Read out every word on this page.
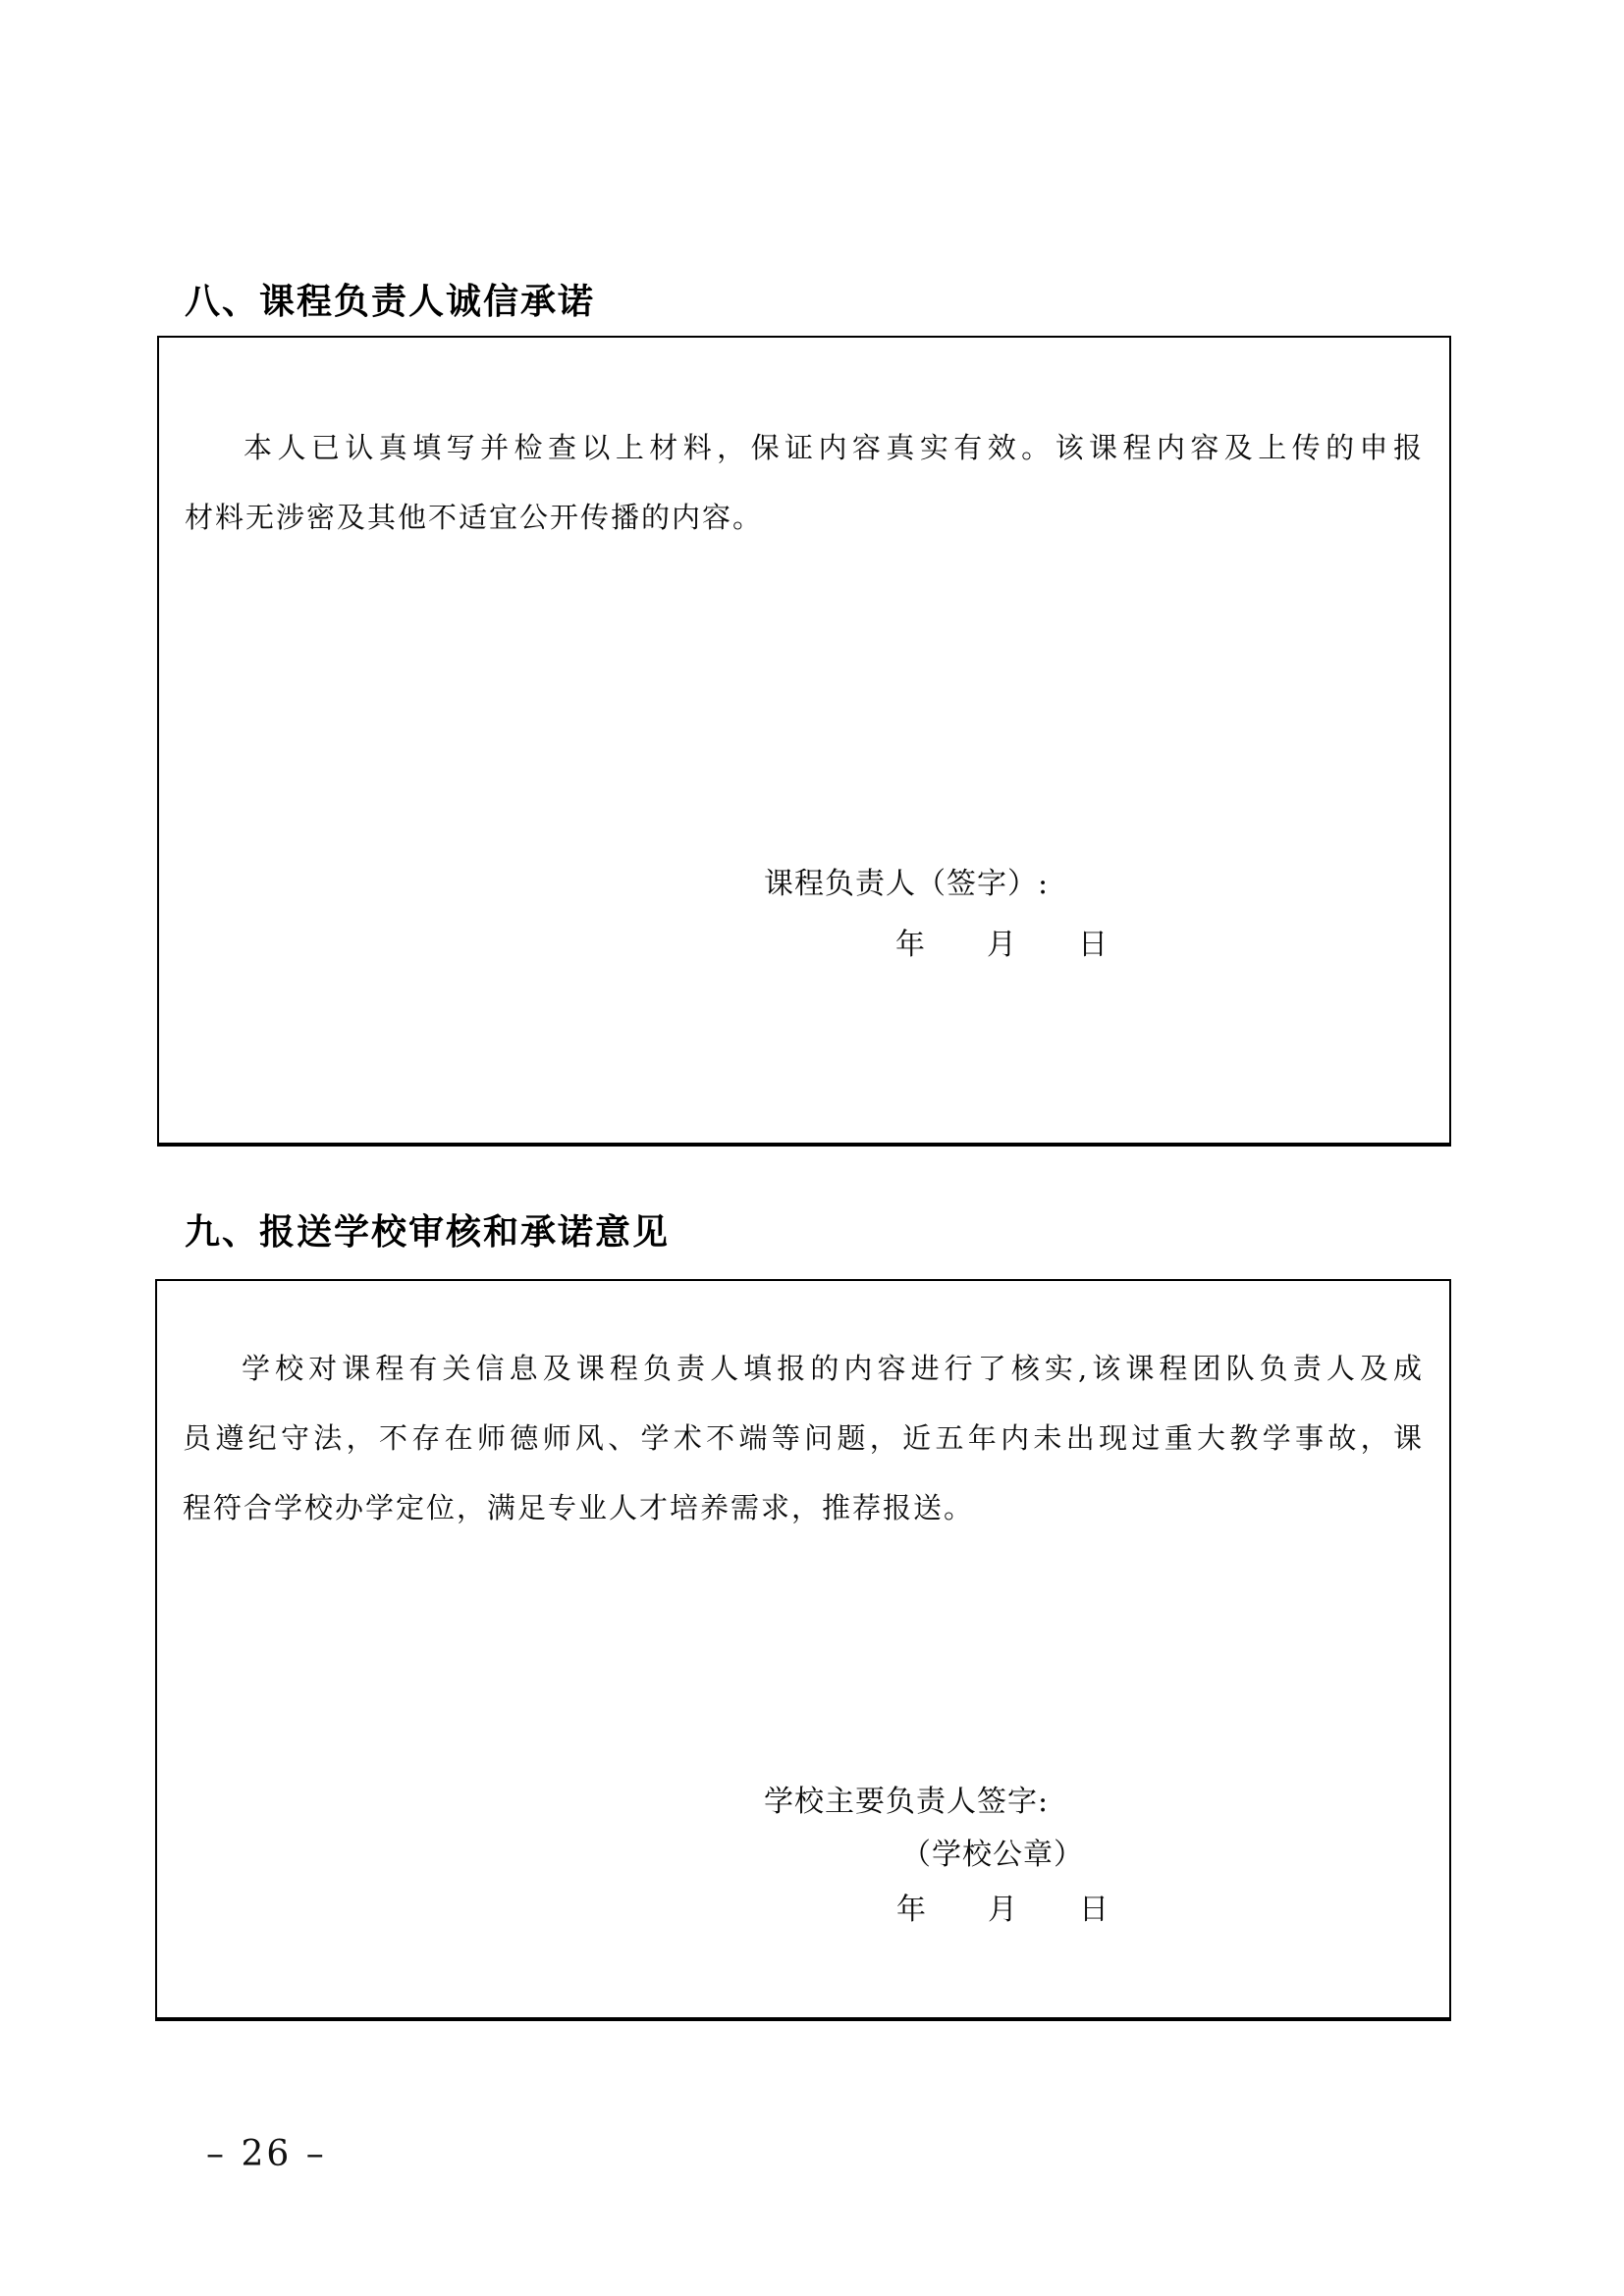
八、课程负责人诚信承诺
本人已认真填写并检查以上材料，保证内容真实有效。该课程内容及上传的申报
材料无涉密及其他不适宜公开传播的内容。
课程负责人（签字）:
年　　月　　日
九、报送学校审核和承诺意见
学校对课程有关信息及课程负责人填报的内容进行了核实,该课程团队负责人及成
员遵纪守法，不存在师德师风、学术不端等问题，近五年内未出现过重大教学事故，课
程符合学校办学定位，满足专业人才培养需求，推荐报送。
学校主要负责人签字:
（学校公章）
年　　月　　日
– 26 –
